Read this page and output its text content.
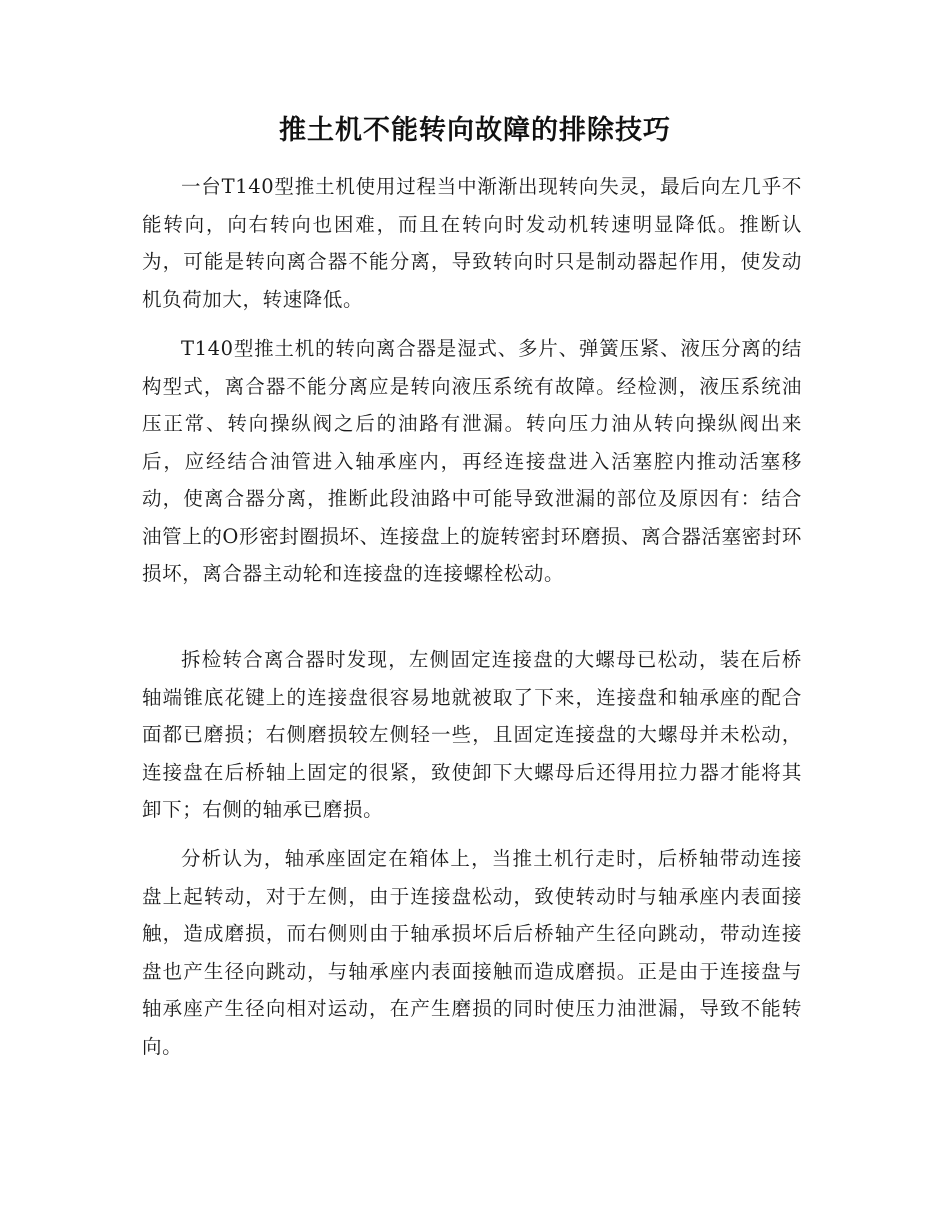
推土机不能转向故障的排除技巧

一台T140型推土机使用过程当中渐渐出现转向失灵，最后向左几乎不能转向，向右转向也困难，而且在转向时发动机转速明显降低。推断认为，可能是转向离合器不能分离，导致转向时只是制动器起作用，使发动机负荷加大，转速降低。

T140型推土机的转向离合器是湿式、多片、弹簧压紧、液压分离的结构型式，离合器不能分离应是转向液压系统有故障。经检测，液压系统油压正常、转向操纵阀之后的油路有泄漏。转向压力油从转向操纵阀出来后，应经结合油管进入轴承座内，再经连接盘进入活塞腔内推动活塞移动，使离合器分离，推断此段油路中可能导致泄漏的部位及原因有：结合油管上的O形密封圈损坏、连接盘上的旋转密封环磨损、离合器活塞密封环损坏，离合器主动轮和连接盘的连接螺栓松动。

拆检转合离合器时发现，左侧固定连接盘的大螺母已松动，装在后桥轴端锥底花键上的连接盘很容易地就被取了下来，连接盘和轴承座的配合面都已磨损；右侧磨损较左侧轻一些，且固定连接盘的大螺母并未松动，连接盘在后桥轴上固定的很紧，致使卸下大螺母后还得用拉力器才能将其卸下；右侧的轴承已磨损。

分析认为，轴承座固定在箱体上，当推土机行走时，后桥轴带动连接盘上起转动，对于左侧，由于连接盘松动，致使转动时与轴承座内表面接触，造成磨损，而右侧则由于轴承损坏后后桥轴产生径向跳动，带动连接盘也产生径向跳动，与轴承座内表面接触而造成磨损。正是由于连接盘与轴承座产生径向相对运动，在产生磨损的同时使压力油泄漏，导致不能转向。
